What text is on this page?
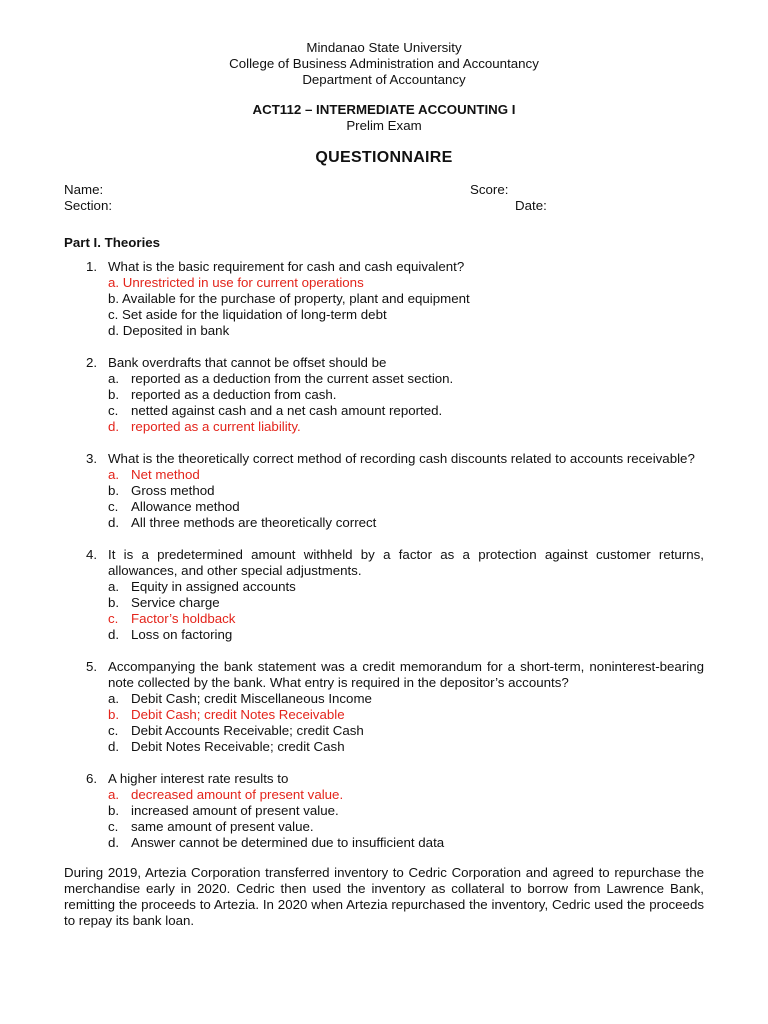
Mindanao State University
College of Business Administration and Accountancy
Department of Accountancy
ACT112 – INTERMEDIATE ACCOUNTING I
Prelim Exam
QUESTIONNAIRE
Name:	Score:
Section:	Date:
Part I. Theories
1. What is the basic requirement for cash and cash equivalent?
a. Unrestricted in use for current operations
b. Available for the purchase of property, plant and equipment
c. Set aside for the liquidation of long-term debt
d. Deposited in bank
2. Bank overdrafts that cannot be offset should be
a. reported as a deduction from the current asset section.
b. reported as a deduction from cash.
c. netted against cash and a net cash amount reported.
d. reported as a current liability.
3. What is the theoretically correct method of recording cash discounts related to accounts receivable?
a. Net method
b. Gross method
c. Allowance method
d. All three methods are theoretically correct
4. It is a predetermined amount withheld by a factor as a protection against customer returns, allowances, and other special adjustments.
a. Equity in assigned accounts
b. Service charge
c. Factor’s holdback
d. Loss on factoring
5. Accompanying the bank statement was a credit memorandum for a short-term, noninterest-bearing note collected by the bank. What entry is required in the depositor’s accounts?
a. Debit Cash; credit Miscellaneous Income
b. Debit Cash; credit Notes Receivable
c. Debit Accounts Receivable; credit Cash
d. Debit Notes Receivable; credit Cash
6. A higher interest rate results to
a. decreased amount of present value.
b. increased amount of present value.
c. same amount of present value.
d. Answer cannot be determined due to insufficient data

During 2019, Artezia Corporation transferred inventory to Cedric Corporation and agreed to repurchase the merchandise early in 2020. Cedric then used the inventory as collateral to borrow from Lawrence Bank, remitting the proceeds to Artezia. In 2020 when Artezia repurchased the inventory, Cedric used the proceeds to repay its bank loan.
